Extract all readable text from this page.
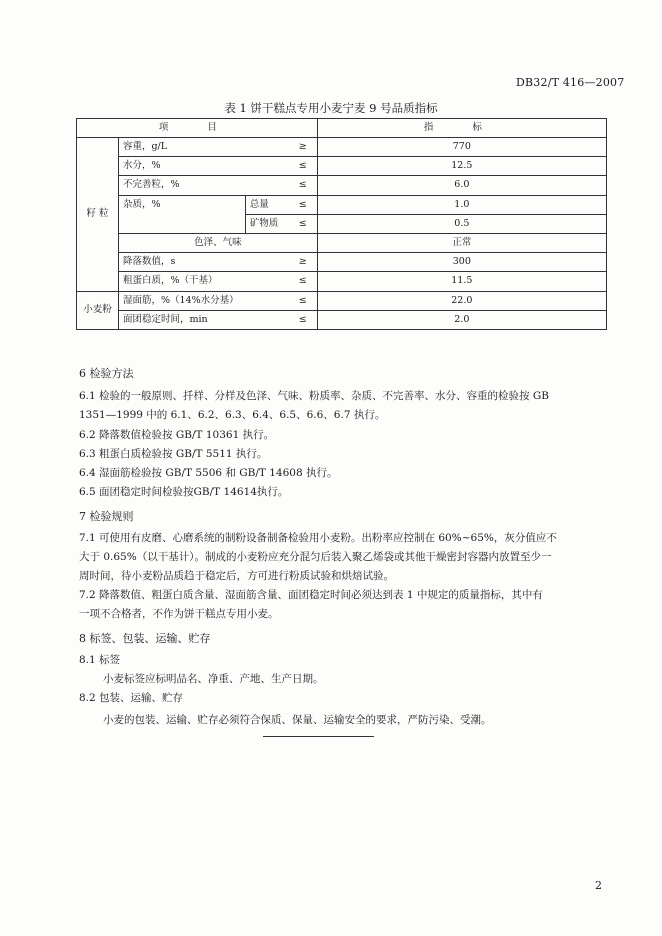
DB32/T 416—2007
表 1 饼干糕点专用小麦宁麦 9 号品质指标
项 目			指 标
籽 粒	容重，g/L ≥		770
	水分，% ≤		12.5
	不完善粒，% ≤		6.0
	杂质，%	总量 ≤	1.0
		矿物质 ≤	0.5
	色泽、气味		正常
	降落数值，s ≥		300
	粗蛋白质，%（干基） ≤		11.5
小麦粉	湿面筋，%（14%水分基） ≤		22.0
	面团稳定时间，min ≤		2.0
6 检验方法
6.1 检验的一般原则、扦样、分样及色泽、气味、粉质率、杂质、不完善率、水分、容重的检验按 GB
1351—1999 中的 6.1、6.2、6.3、6.4、6.5、6.6、6.7 执行。
6.2 降落数值检验按 GB/T 10361 执行。
6.3 粗蛋白质检验按 GB/T 5511 执行。
6.4 湿面筋检验按 GB/T 5506 和 GB/T 14608 执行。
6.5 面团稳定时间检验按GB/T 14614执行。
7 检验规则
7.1 可使用有皮磨、心磨系统的制粉设备制备检验用小麦粉。出粉率应控制在 60%~65%，灰分值应不
大于 0.65%（以干基计）。制成的小麦粉应充分混匀后装入聚乙烯袋或其他干燥密封容器内放置至少一
周时间，待小麦粉品质趋于稳定后，方可进行粉质试验和烘焙试验。
7.2 降落数值、粗蛋白质含量、湿面筋含量、面团稳定时间必须达到表 1 中规定的质量指标，其中有
一项不合格者，不作为饼干糕点专用小麦。
8 标签、包装、运输、贮存
8.1 标签
小麦标签应标明品名、净重、产地、生产日期。
8.2 包装、运输、贮存
小麦的包装、运输、贮存必须符合保质、保量、运输安全的要求，严防污染、受潮。
2
